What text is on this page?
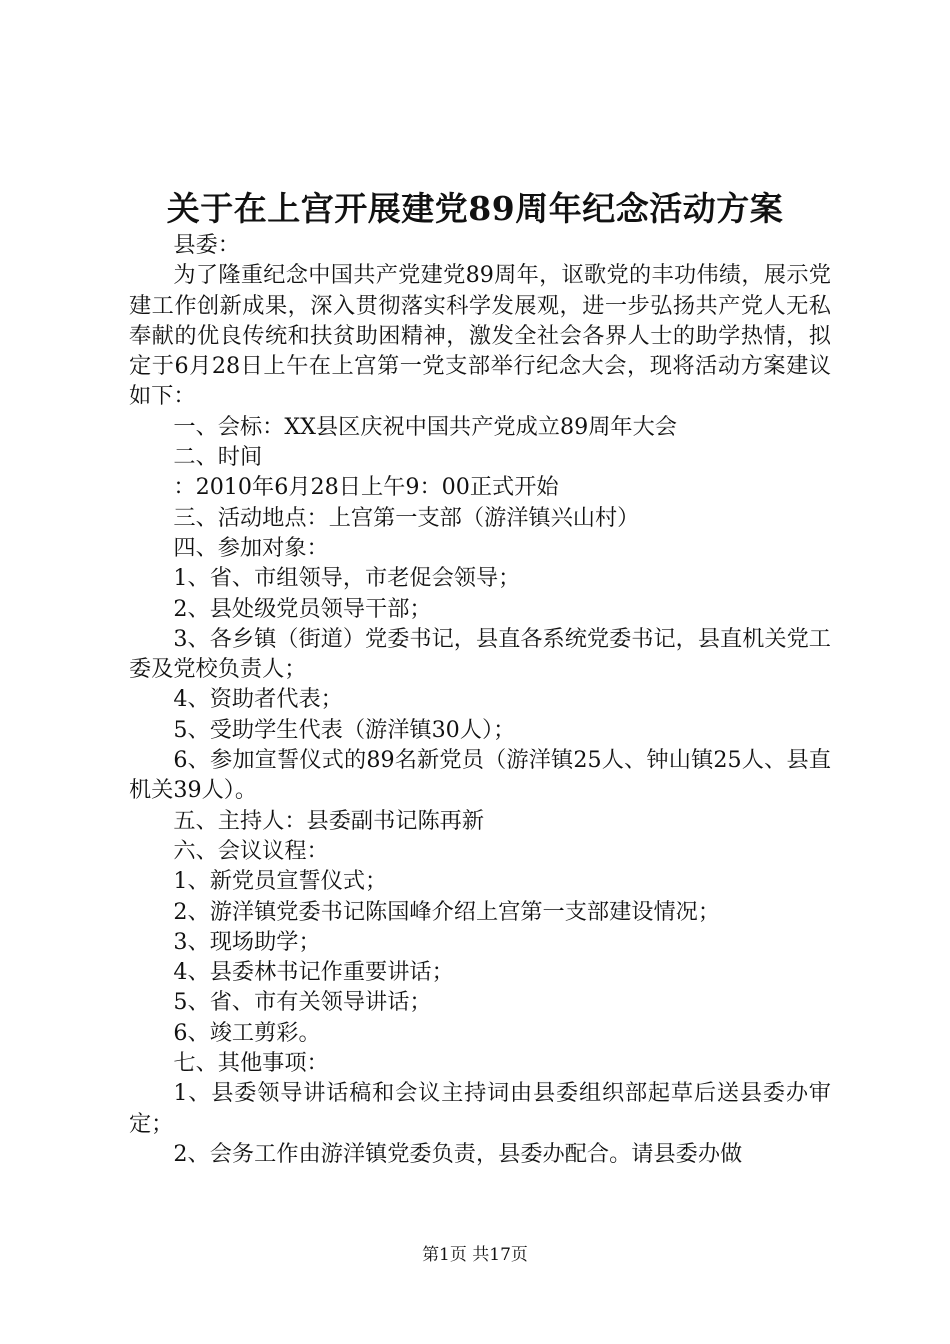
关于在上宫开展建党89周年纪念活动方案

县委：

为了隆重纪念中国共产党建党89周年，讴歌党的丰功伟绩，展示党建工作创新成果，深入贯彻落实科学发展观，进一步弘扬共产党人无私奉献的优良传统和扶贫助困精神，激发全社会各界人士的助学热情，拟定于6月28日上午在上宫第一党支部举行纪念大会，现将活动方案建议如下：

一、会标：XX县区庆祝中国共产党成立89周年大会

二、时间

：2010年6月28日上午9：00正式开始

三、活动地点：上宫第一支部（游洋镇兴山村）

四、参加对象：

1、省、市组领导，市老促会领导；

2、县处级党员领导干部；

3、各乡镇（街道）党委书记，县直各系统党委书记，县直机关党工委及党校负责人；

4、资助者代表；

5、受助学生代表（游洋镇30人）；

6、参加宣誓仪式的89名新党员（游洋镇25人、钟山镇25人、县直机关39人）。

五、主持人：县委副书记陈再新

六、会议议程：

1、新党员宣誓仪式；

2、游洋镇党委书记陈国峰介绍上宫第一支部建设情况；

3、现场助学；

4、县委林书记作重要讲话；

5、省、市有关领导讲话；

6、竣工剪彩。

七、其他事项：

1、县委领导讲话稿和会议主持词由县委组织部起草后送县委办审定；

2、会务工作由游洋镇党委负责，县委办配合。请县委办做

第1页 共17页
